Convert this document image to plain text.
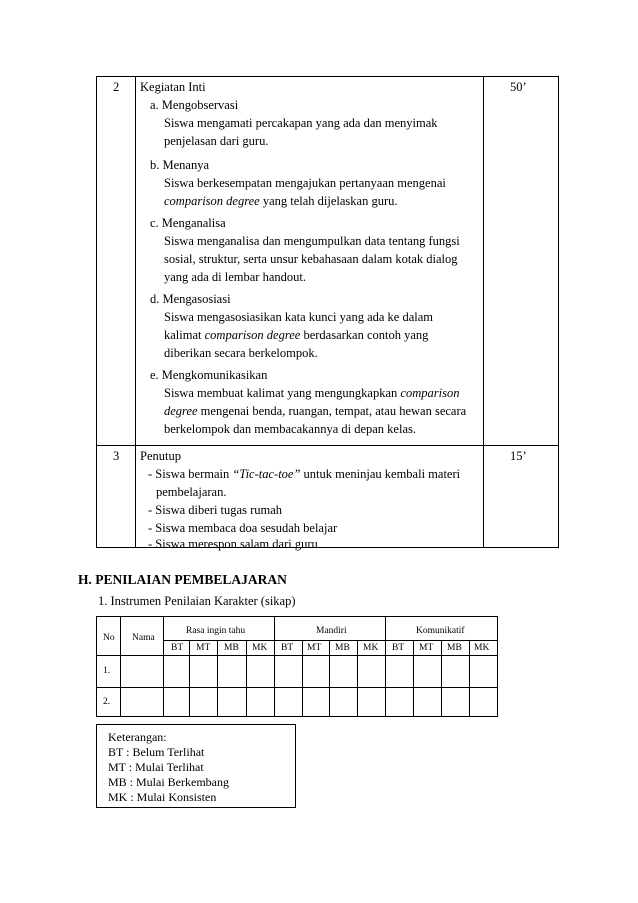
2 Kegiatan Inti	50’
a. Mengobservasi
Siswa mengamati percakapan yang ada dan menyimak
penjelasan dari guru.
b. Menanya
Siswa berkesempatan mengajukan pertanyaan mengenai
comparison degree yang telah dijelaskan guru.
c. Menganalisa
Siswa menganalisa dan mengumpulkan data tentang fungsi
sosial, struktur, serta unsur kebahasaan dalam kotak dialog
yang ada di lembar handout.
d. Mengasosiasi
Siswa mengasosiasikan kata kunci yang ada ke dalam
kalimat comparison degree berdasarkan contoh yang
diberikan secara berkelompok.
e. Mengkomunikasikan
Siswa membuat kalimat yang mengungkapkan comparison
degree mengenai benda, ruangan, tempat, atau hewan secara
berkelompok dan membacakannya di depan kelas.
3 Penutup	15’
- Siswa bermain “Tic-tac-toe” untuk meninjau kembali materi
pembelajaran.
- Siswa diberi tugas rumah
- Siswa membaca doa sesudah belajar
- Siswa merespon salam dari guru
H. PENILAIAN PEMBELAJARAN
1. Instrumen Penilaian Karakter (sikap)
No Nama
Rasa ingin tahu	Mandiri	Komunikatif
BT MT MB MK BT MT MB MK BT MT MB MK
1.
2.
Keterangan:
BT : Belum Terlihat
MT : Mulai Terlihat
MB : Mulai Berkembang
MK : Mulai Konsisten
